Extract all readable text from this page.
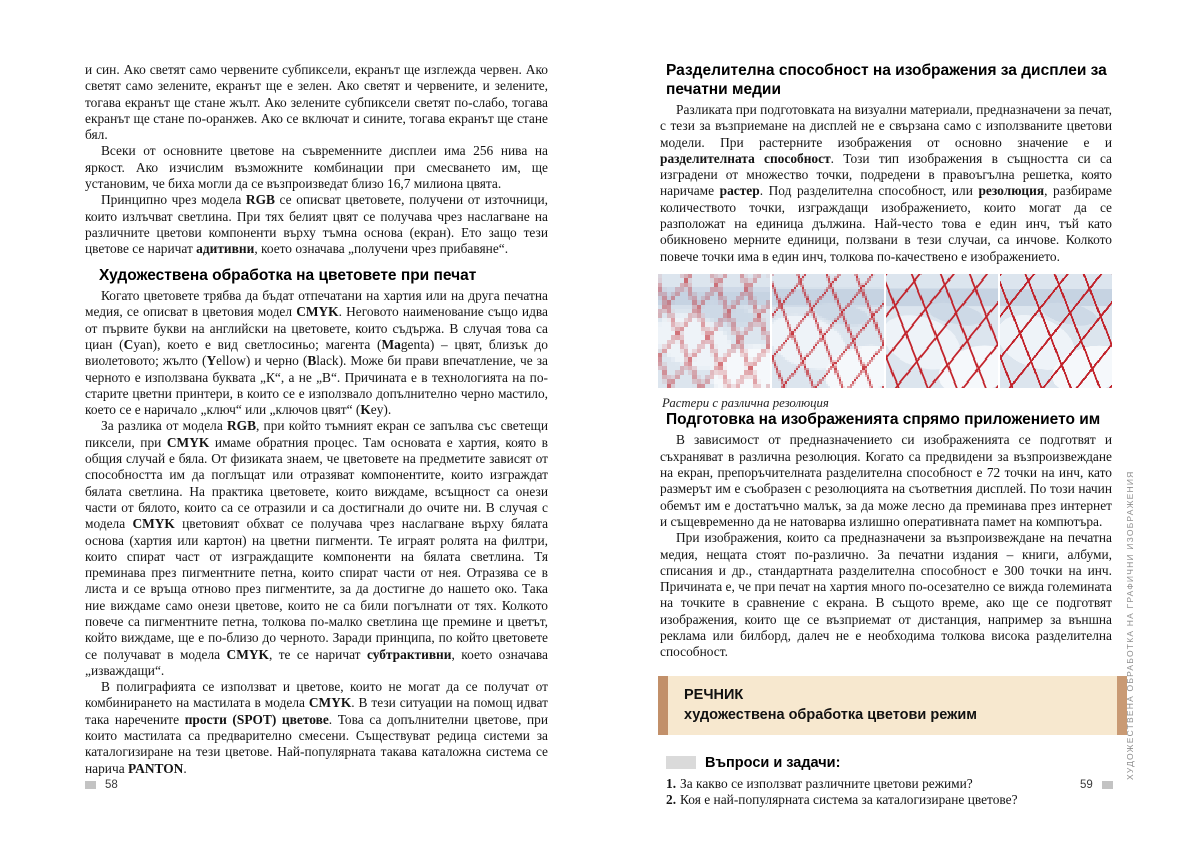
и син. Ако светят само червените субпиксели, екранът ще изглежда червен. Ако светят само зелените, екранът ще е зелен. Ако светят и червените, и зелените, тогава екранът ще стане жълт. Ако зелените субпиксели светят по-слабо, тогава екранът ще стане по-оранжев. Ако се включат и сините, тогава екранът ще стане бял.

Всеки от основните цветове на съвременните дисплеи има 256 нива на яркост. Ако изчислим възможните комбинации при смесването им, ще установим, че биха могли да се възпроизведат близо 16,7 милиона цвята.

Принципно чрез модела RGB се описват цветовете, получени от източници, които излъчват светлина. При тях белият цвят се получава чрез наслагване на различните цветови компоненти върху тъмна основа (екран). Ето защо тези цветове се наричат адитивни, което означава „получени чрез прибавяне“.

Художествена обработка на цветовете при печат

Когато цветовете трябва да бъдат отпечатани на хартия или на друга печатна медия, се описват в цветовия модел CMYK. Неговото наименование също идва от първите букви на английски на цветовете, които съдържа. В случая това са циан (Cyan), което е вид светлосиньо; магента (Magenta) – цвят, близък до виолетовото; жълто (Yellow) и черно (Black). Може би прави впечатление, че за черното е използвана буквата „К“, а не „В“. Причината е в технологията на по-старите цветни принтери, в които се е използвало допълнително черно мастило, което се е наричало „ключ“ или „ключов цвят“ (Key).

За разлика от модела RGB, при който тъмният екран се запълва със светещи пиксели, при CMYK имаме обратния процес. Там основата е хартия, която в общия случай е бяла. От физиката знаем, че цветовете на предметите зависят от способността им да поглъщат или отразяват компонентите, които изграждат бялата светлина. На практика цветовете, които виждаме, всъщност са онези части от бялото, които са се отразили и са достигнали до очите ни. В случая с модела CMYK цветовият обхват се получава чрез наслагване върху бялата основа (хартия или картон) на цветни пигменти. Те играят ролята на филтри, които спират част от изграждащите компоненти на бялата светлина. Тя преминава през пигментните петна, които спират части от нея. Отразява се в листа и се връща отново през пигментите, за да достигне до нашето око. Така ние виждаме само онези цветове, които не са били погълнати от тях. Колкото повече са пигментните петна, толкова по-малко светлина ще премине и цветът, който виждаме, ще е по-близо до черното. Заради принципа, по който цветовете се получават в модела CMYK, те се наричат субтрактивни, което означава „изваждащи“.

В полиграфията се използват и цветове, които не могат да се получат от комбинирането на мастилата в модела CMYK. В тези ситуации на помощ идват така наречените прости (SPOT) цветове. Това са допълнителни цветове, при които мастилата са предварително смесени. Съществуват редица системи за каталогизиране на тези цветове. Най-популярната такава каталожна система се нарича PANTON.

58
Разделителна способност на изображения за дисплеи за печатни медии

Разликата при подготовката на визуални материали, предназначени за печат, с тези за възприемане на дисплей не е свързана само с използваните цветови модели. При растерните изображения от основно значение е и разделителната способност. Този тип изображения в същността си са изградени от множество точки, подредени в правоъгълна решетка, която наричаме растер. Под разделителна способност, или резолюция, разбираме количеството точки, изграждащи изображението, които могат да се разположат на единица дължина. Най-често това е един инч, тъй като обикновено мерните единици, ползвани в тези случаи, са инчове. Колкото повече точки има в един инч, толкова по-качествено е изображението.

Растери с различна резолюция

Подготовка на изображенията спрямо приложението им

В зависимост от предназначението си изображенията се подготвят и съхраняват в различна резолюция. Когато са предвидени за възпроизвеждане на екран, препоръчителната разделителна способност е 72 точки на инч, като размерът им е съобразен с резолюцията на съответния дисплей. По този начин обемът им е достатъчно малък, за да може лесно да преминава през интернет и същевременно да не натоварва излишно оперативната памет на компютъра.

При изображения, които са предназначени за възпроизвеждане на печатна медия, нещата стоят по-различно. За печатни издания – книги, албуми, списания и др., стандартната разделителна способност е 300 точки на инч. Причината е, че при печат на хартия много по-осезателно се вижда големината на точките в сравнение с екрана. В същото време, ако ще се подготвят изображения, които ще се възприемат от дистанция, например за външна реклама или билборд, далеч не е необходима толкова висока разделителна способност.

РЕЧНИК

художествена обработка цветови режим

Въпроси и задачи:

1. За какво се използват различните цветови режими?

2. Коя е най-популярната система за каталогизиране цветове?

59
ХУДОЖЕСТВЕНА ОБРАБОТКА НА ГРАФИЧНИ ИЗОБРАЖЕНИЯ
